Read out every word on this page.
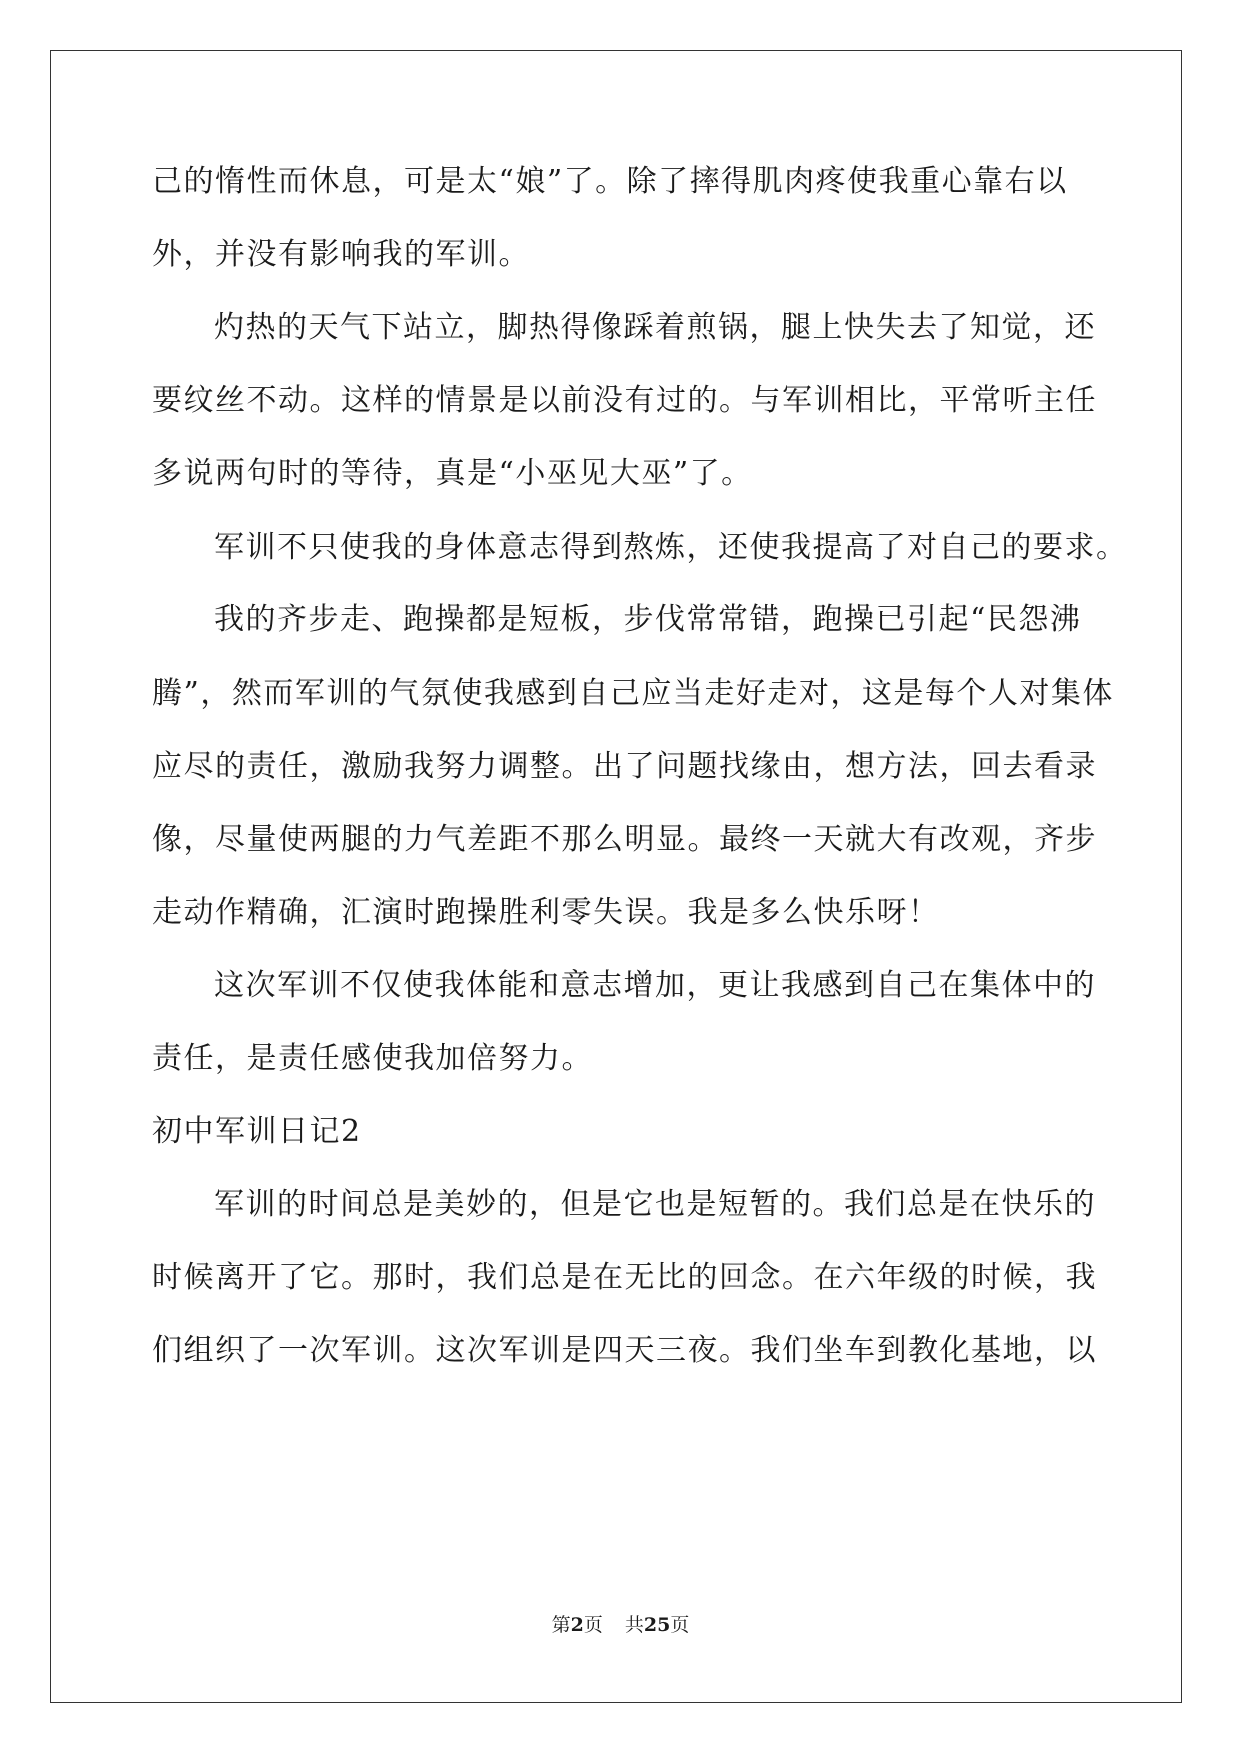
己的惰性而休息，可是太“娘”了。除了摔得肌肉疼使我重心靠右以
外，并没有影响我的军训。
灼热的天气下站立，脚热得像踩着煎锅，腿上快失去了知觉，还
要纹丝不动。这样的情景是以前没有过的。与军训相比，平常听主任
多说两句时的等待，真是“小巫见大巫”了。
军训不只使我的身体意志得到熬炼，还使我提高了对自己的要求。
我的齐步走、跑操都是短板，步伐常常错，跑操已引起“民怨沸
腾”，然而军训的气氛使我感到自己应当走好走对，这是每个人对集体
应尽的责任，激励我努力调整。出了问题找缘由，想方法，回去看录
像，尽量使两腿的力气差距不那么明显。最终一天就大有改观，齐步
走动作精确，汇演时跑操胜利零失误。我是多么快乐呀！
这次军训不仅使我体能和意志增加，更让我感到自己在集体中的
责任，是责任感使我加倍努力。
初中军训日记2
军训的时间总是美妙的，但是它也是短暂的。我们总是在快乐的
时候离开了它。那时，我们总是在无比的回念。在六年级的时候，我
们组织了一次军训。这次军训是四天三夜。我们坐车到教化基地，以
第2页 共25页
